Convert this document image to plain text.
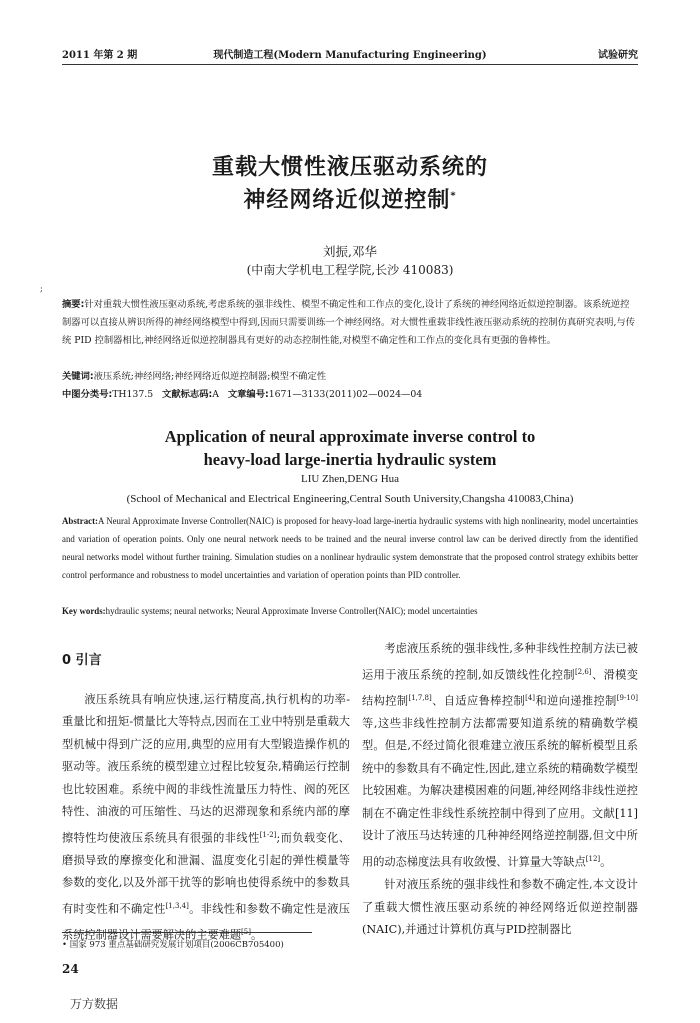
2011 年第 2 期	现代制造工程(Modern Manufacturing Engineering)	试验研究
;
重载大惯性液压驱动系统的
神经网络近似逆控制*
刘振,邓华
(中南大学机电工程学院,长沙 410083)
摘要:针对重载大惯性液压驱动系统,考虑系统的强非线性、模型不确定性和工作点的变化,设计了系统的神经网络近似逆控制器。该系统逆控制器可以直接从辨识所得的神经网络模型中得到,因而只需要训练一个神经网络。对大惯性重载非线性液压驱动系统的控制仿真研究表明,与传统 PID 控制器相比,神经网络近似逆控制器具有更好的动态控制性能,对模型不确定性和工作点的变化具有更强的鲁棒性。
关键词:液压系统;神经网络;神经网络近似逆控制器;模型不确定性
中图分类号:TH137.5 文献标志码:A 文章编号:1671—3133(2011)02—0024—04
Application of neural approximate inverse control to
heavy-load large-inertia hydraulic system
LIU Zhen,DENG Hua
(School of Mechanical and Electrical Engineering,Central South University,Changsha 410083,China)
Abstract:A Neural Approximate Inverse Controller(NAIC) is proposed for heavy-load large-inertia hydraulic systems with high nonlinearity, model uncertainties and variation of operation points. Only one neural network needs to be trained and the neural inverse control law can be derived directly from the identified neural networks model without further training. Simulation studies on a nonlinear hydraulic system demonstrate that the proposed control strategy exhibits better control performance and robustness to model uncertainties and variation of operation points than PID controller.
Key words:hydraulic systems; neural networks; Neural Approximate Inverse Controller(NAIC); model uncertainties
0 引言

液压系统具有响应快速,运行精度高,执行机构的功率-重量比和扭矩-惯量比大等特点,因而在工业中特别是重载大型机械中得到广泛的应用,典型的应用有大型锻造操作机的驱动等。液压系统的模型建立过程比较复杂,精确运行控制也比较困难。系统中阀的非线性流量压力特性、阀的死区特性、油液的可压缩性、马达的迟滞现象和系统内部的摩擦特性均使液压系统具有很强的非线性[1-2];而负载变化、磨损导致的摩擦变化和泄漏、温度变化引起的弹性模量等参数的变化,以及外部干扰等的影响也使得系统中的参数具有时变性和不确定性[1,3,4]。非线性和参数不确定性是液压系统控制器设计需要解决的主要难题[5]。

考虑液压系统的强非线性,多种非线性控制方法已被运用于液压系统的控制,如反馈线性化控制[2,6]、滑模变结构控制[1,7,8]、自适应鲁棒控制[4]和逆向递推控制[9-10]等,这些非线性控制方法都需要知道系统的精确数学模型。但是,不经过简化很难建立液压系统的解析模型且系统中的参数具有不确定性,因此,建立系统的精确数学模型比较困难。为解决建模困难的问题,神经网络非线性逆控制在不确定性非线性系统控制中得到了应用。文献[11]设计了液压马达转速的几种神经网络逆控制器,但文中所用的动态梯度法具有收敛慢、计算量大等缺点[12]。

针对液压系统的强非线性和参数不确定性,本文设计了重载大惯性液压驱动系统的神经网络近似逆控制器(NAIC),并通过计算机仿真与PID控制器比

• 国家 973 重点基础研究发展计划项目(2006CB705400)
24
万方数据
